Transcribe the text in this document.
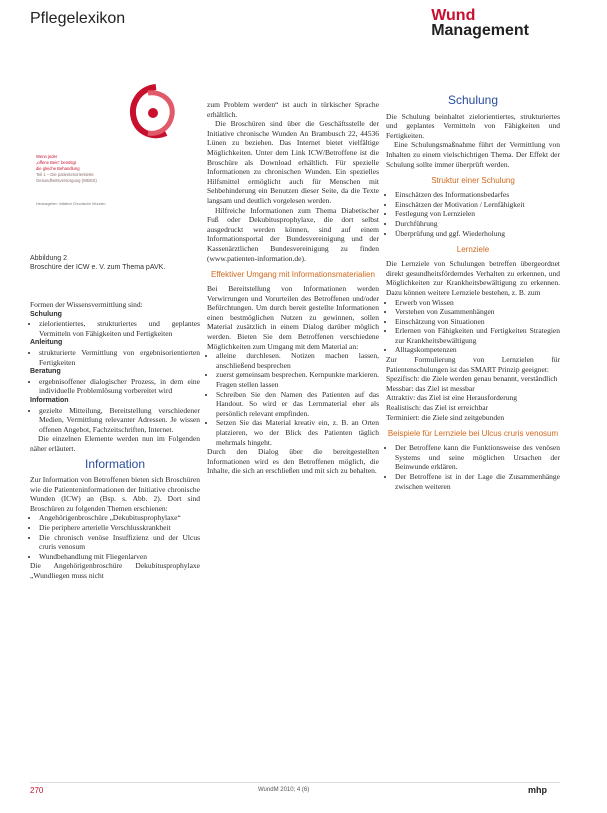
Pflegelexikon	Wund
Management
Wenn jeder
„offene Bein“ benötigt
die gleiche Behandlung
Teil 1 – Die patientenorientierte
Gesundheitsversorgung (WBSS)
Herausgeber: Initiative Chronische Wunden
Abbildung 2
Broschüre der ICW e. V. zum Thema pAVK.

Formen der Wissensvermittlung sind:

Schulung
• zielorientiertes, strukturiertes und geplantes Vermitteln von Fähigkeiten und Fertigkeiten
Anleitung
• strukturierte Vermittlung von ergebnisorientierten Fertigkeiten
Beratung
• ergebnisoffener dialogischer Prozess, in dem eine individuelle Problemlösung vorbereitet wird
Information
• gezielte Mitteilung, Bereitstellung verschiedener Medien, Vermittlung relevanter Adressen. Je wissen offenen Angebot, Fachzeitschriften, Internet.

Die einzelnen Elemente werden nun im Folgenden näher erläutert.

Information

Zur Information von Betroffenen bieten sich Broschüren wie die Patienteninformationen der Initiative chronische Wunden (ICW) an (Bsp. s. Abb. 2). Dort sind Broschüren zu folgenden Themen erschienen:

• Angehörigenbroschüre „Dekubitusprophylaxe“
• Die periphere arterielle Verschlusskrankheit
• Die chronisch venöse Insuffizienz und der Ulcus cruris venosum
• Wundbehandlung mit Fliegenlarven

Die Angehörigenbroschüre Dekubitusprophylaxe „Wundliegen muss nicht

zum Problem werden“ ist auch in türkischer Sprache erhältlich.

Die Broschüren sind über die Geschäftsstelle der Initiative chronische Wunden An Brambusch 22, 44536 Lünen zu beziehen. Das Internet bietet vielfältige Möglichkeiten. Unter dem Link ICW/Betroffene ist die Broschüre als Download erhältlich. Für spezielle Informationen zu chronischen Wunden. Ein spezielles Hilfsmittel ermöglicht auch für Menschen mit Sehbehinderung ein Benutzen dieser Seite, da die Texte langsam und deutlich vorgelesen werden.

Hilfreiche Informationen zum Thema Diabetischer Fuß oder Dekubitusprophylaxe, die dort selbst ausgedruckt werden können, sind auf einem Informationsportal der Bundesvereinigung und der Kassenärztlichen Bundesvereinigung zu finden (www.patienten-information.de).

Effektiver Umgang mit Informationsmaterialien

Bei Bereitstellung von Informationen werden Verwirrungen und Vorurteilen des Betroffenen und/oder Befürchtungen. Um durch bereit gestellte Informationen einen bestmöglichen Nutzen zu gewinnen, sollen Material zusätzlich in einem Dialog darüber möglich werden. Bieten Sie dem Betroffenen verschiedene Möglichkeiten zum Umgang mit dem Material an:

• alleine durchlesen. Notizen machen lassen, anschließend besprechen
• zuerst gemeinsam besprechen. Kernpunkte markieren. Fragen stellen lassen
• Schreiben Sie den Namen des Patienten auf das Handout. So wird er das Lernmaterial eher als persönlich relevant empfinden.
• Setzen Sie das Material kreativ ein, z. B. an Orten platzieren, wo der Blick des Patienten täglich mehrmals hingeht.

Durch den Dialog über die bereitgestellten Informationen wird es den Betroffenen möglich, die Inhalte, die sich an erschließen und mit sich zu behalten.

Schulung

Die Schulung beinhaltet zielorientiertes, strukturiertes und geplantes Vermitteln von Fähigkeiten und Fertigkeiten.

Eine Schulungsmaßnahme führt der Vermittlung von Inhalten zu einem vielschichtigen Thema. Der Effekt der Schulung sollte immer überprüft werden.

Struktur einer Schulung
• Einschätzen des Informationsbedarfes
• Einschätzen der Motivation / Lernfähigkeit
• Festlegung von Lernzielen
• Durchführung
• Überprüfung und ggf. Wiederholung
Lernziele

Die Lernziele von Schulungen betreffen übergeordnet direkt gesundheitsförderndes Verhalten zu erkennen, und Möglichkeiten zur Krankheitsbewältigung zu erkennen. Dazu können weitere Lernziele bestehen, z. B. zum

• Erwerb von Wissen
• Verstehen von Zusammenhängen
• Einschätzung von Situationen
• Erlernen von Fähigkeiten und Fertigkeiten Strategien zur Krankheitsbewältigung
• Alltagskompetenzen

Zur Formulierung von Lernzielen für Patientenschulungen ist das SMART Prinzip geeignet:

Spezifisch: die Ziele werden genau benannt, verständlich

Messbar: das Ziel ist messbar

Attraktiv: das Ziel ist eine Herausforderung

Realistisch: das Ziel ist erreichbar

Terminiert: die Ziele sind zeitgebunden

Beispiele für Lernziele bei Ulcus cruris venosum
• Der Betroffene kann die Funktionsweise des venösen Systems und seine möglichen Ursachen der Beinwunde erklären.
• Der Betroffene ist in der Lage die Zusammenhänge zwischen weiteren
270	WundM 2010; 4 (6)	mhp
